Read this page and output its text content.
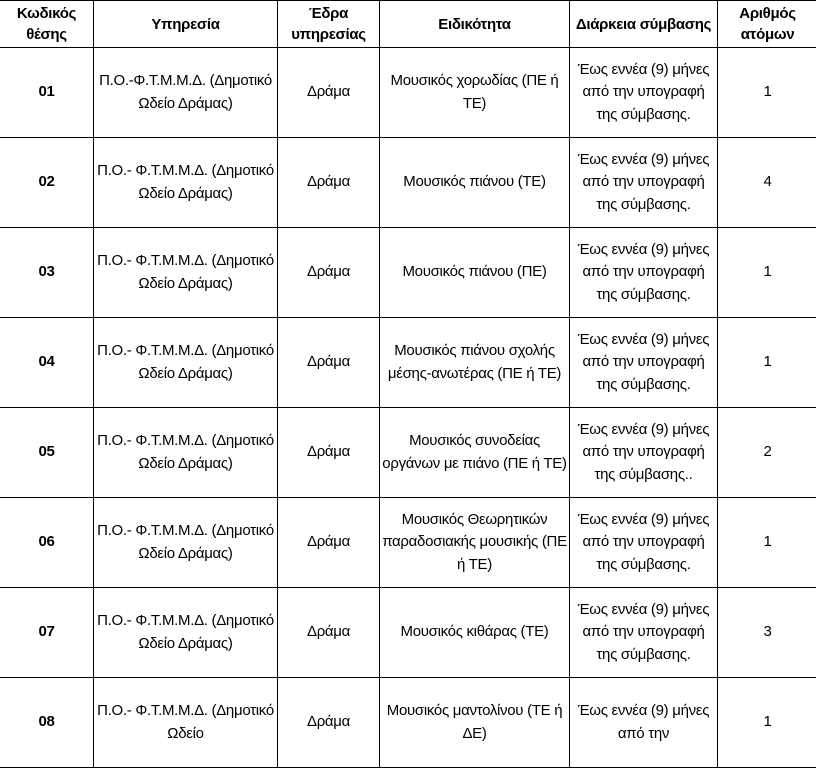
Κωδικός θέσης	Υπηρεσία	Έδρα υπηρεσίας	Ειδικότητα	Διάρκεια σύμβασης	Αριθμός ατόμων
01	Π.Ο.-Φ.Τ.Μ.Μ.Δ. (Δημοτικό Ωδείο Δράμας)	Δράμα	Μουσικός χορωδίας (ΠΕ ή ΤΕ)	Έως εννέα (9) μήνες από την υπογραφή της σύμβασης.	1
02	Π.Ο.- Φ.Τ.Μ.Μ.Δ. (Δημοτικό Ωδείο Δράμας)	Δράμα	Μουσικός πιάνου (ΤΕ)	Έως εννέα (9) μήνες από την υπογραφή της σύμβασης.	4
03	Π.Ο.- Φ.Τ.Μ.Μ.Δ. (Δημοτικό Ωδείο Δράμας)	Δράμα	Μουσικός πιάνου (ΠΕ)	Έως εννέα (9) μήνες από την υπογραφή της σύμβασης.	1
04	Π.Ο.- Φ.Τ.Μ.Μ.Δ. (Δημοτικό Ωδείο Δράμας)	Δράμα	Μουσικός πιάνου σχολής μέσης-ανωτέρας (ΠΕ ή ΤΕ)	Έως εννέα (9) μήνες από την υπογραφή της σύμβασης.	1
05	Π.Ο.- Φ.Τ.Μ.Μ.Δ. (Δημοτικό Ωδείο Δράμας)	Δράμα	Μουσικός συνοδείας οργάνων με πιάνο (ΠΕ ή ΤΕ)	Έως εννέα (9) μήνες από την υπογραφή της σύμβασης..	2
06	Π.Ο.- Φ.Τ.Μ.Μ.Δ. (Δημοτικό Ωδείο Δράμας)	Δράμα	Μουσικός Θεωρητικών παραδοσιακής μουσικής (ΠΕ ή ΤΕ)	Έως εννέα (9) μήνες από την υπογραφή της σύμβασης.	1
07	Π.Ο.- Φ.Τ.Μ.Μ.Δ. (Δημοτικό Ωδείο Δράμας)	Δράμα	Μουσικός κιθάρας (ΤΕ)	Έως εννέα (9) μήνες από την υπογραφή της σύμβασης.	3
08	Π.Ο.- Φ.Τ.Μ.Μ.Δ. (Δημοτικό Ωδείο	Δράμα	Μουσικός μαντολίνου (ΤΕ ή ΔΕ)	Έως εννέα (9) μήνες από την	1
